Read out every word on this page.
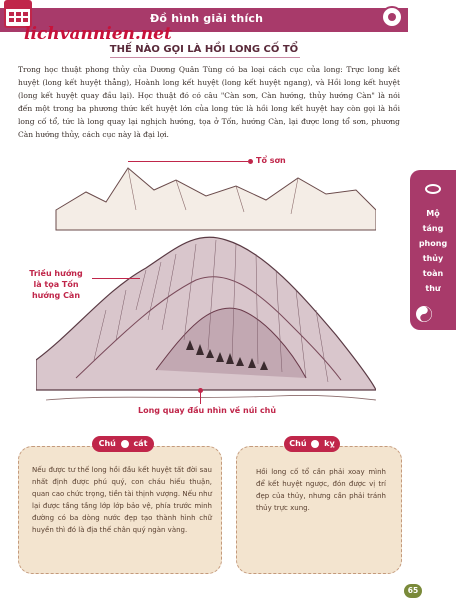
Đồ hình giải thích
lichvannien.net
Mộ
táng
phong
thủy
toàn
thư
THẾ NÀO GỌI LÀ HỒI LONG CỐ TỔ

Trong học thuật phong thủy của Dương Quân Tùng có ba loại cách cục của long: Trực long kết huyệt (long kết huyệt thẳng), Hoành long kết huyệt (long kết huyệt ngang), và Hồi long kết huyệt (long kết huyệt quay đầu lại). Học thuật đó có câu "Càn sơn, Càn hướng, thủy hướng Càn" là nói đến một trong ba phương thức kết huyệt lớn của long tức là hồi long kết huyệt hay còn gọi là hồi long cố tổ, tức là long quay lại nghịch hướng, tọa ở Tốn, hướng Càn, lại được long tổ sơn, phương Càn hướng thủy, cách cục này là đại lợi.

Tổ sơn
Triều hướng
là tọa Tốn
hướng Càn
Long quay đầu nhìn về núi chủ
Chú cát

Nếu được tư thế long hồi đầu kết huyệt tất đời sau nhất định được phú quý, con cháu hiếu thuận, quan cao chức trọng, tiền tài thịnh vượng. Nếu như lại được tầng tầng lớp lớp bảo vệ, phía trước minh đường có ba dòng nước đẹp tạo thành hình chữ huyền thì đó là địa thế chân quý ngàn vàng.

Chú kỵ

Hồi long cố tổ cần phải xoay mình để kết huyệt ngược, đón được vị trí đẹp của thủy, nhưng cần phải tránh thủy trực xung.

65
